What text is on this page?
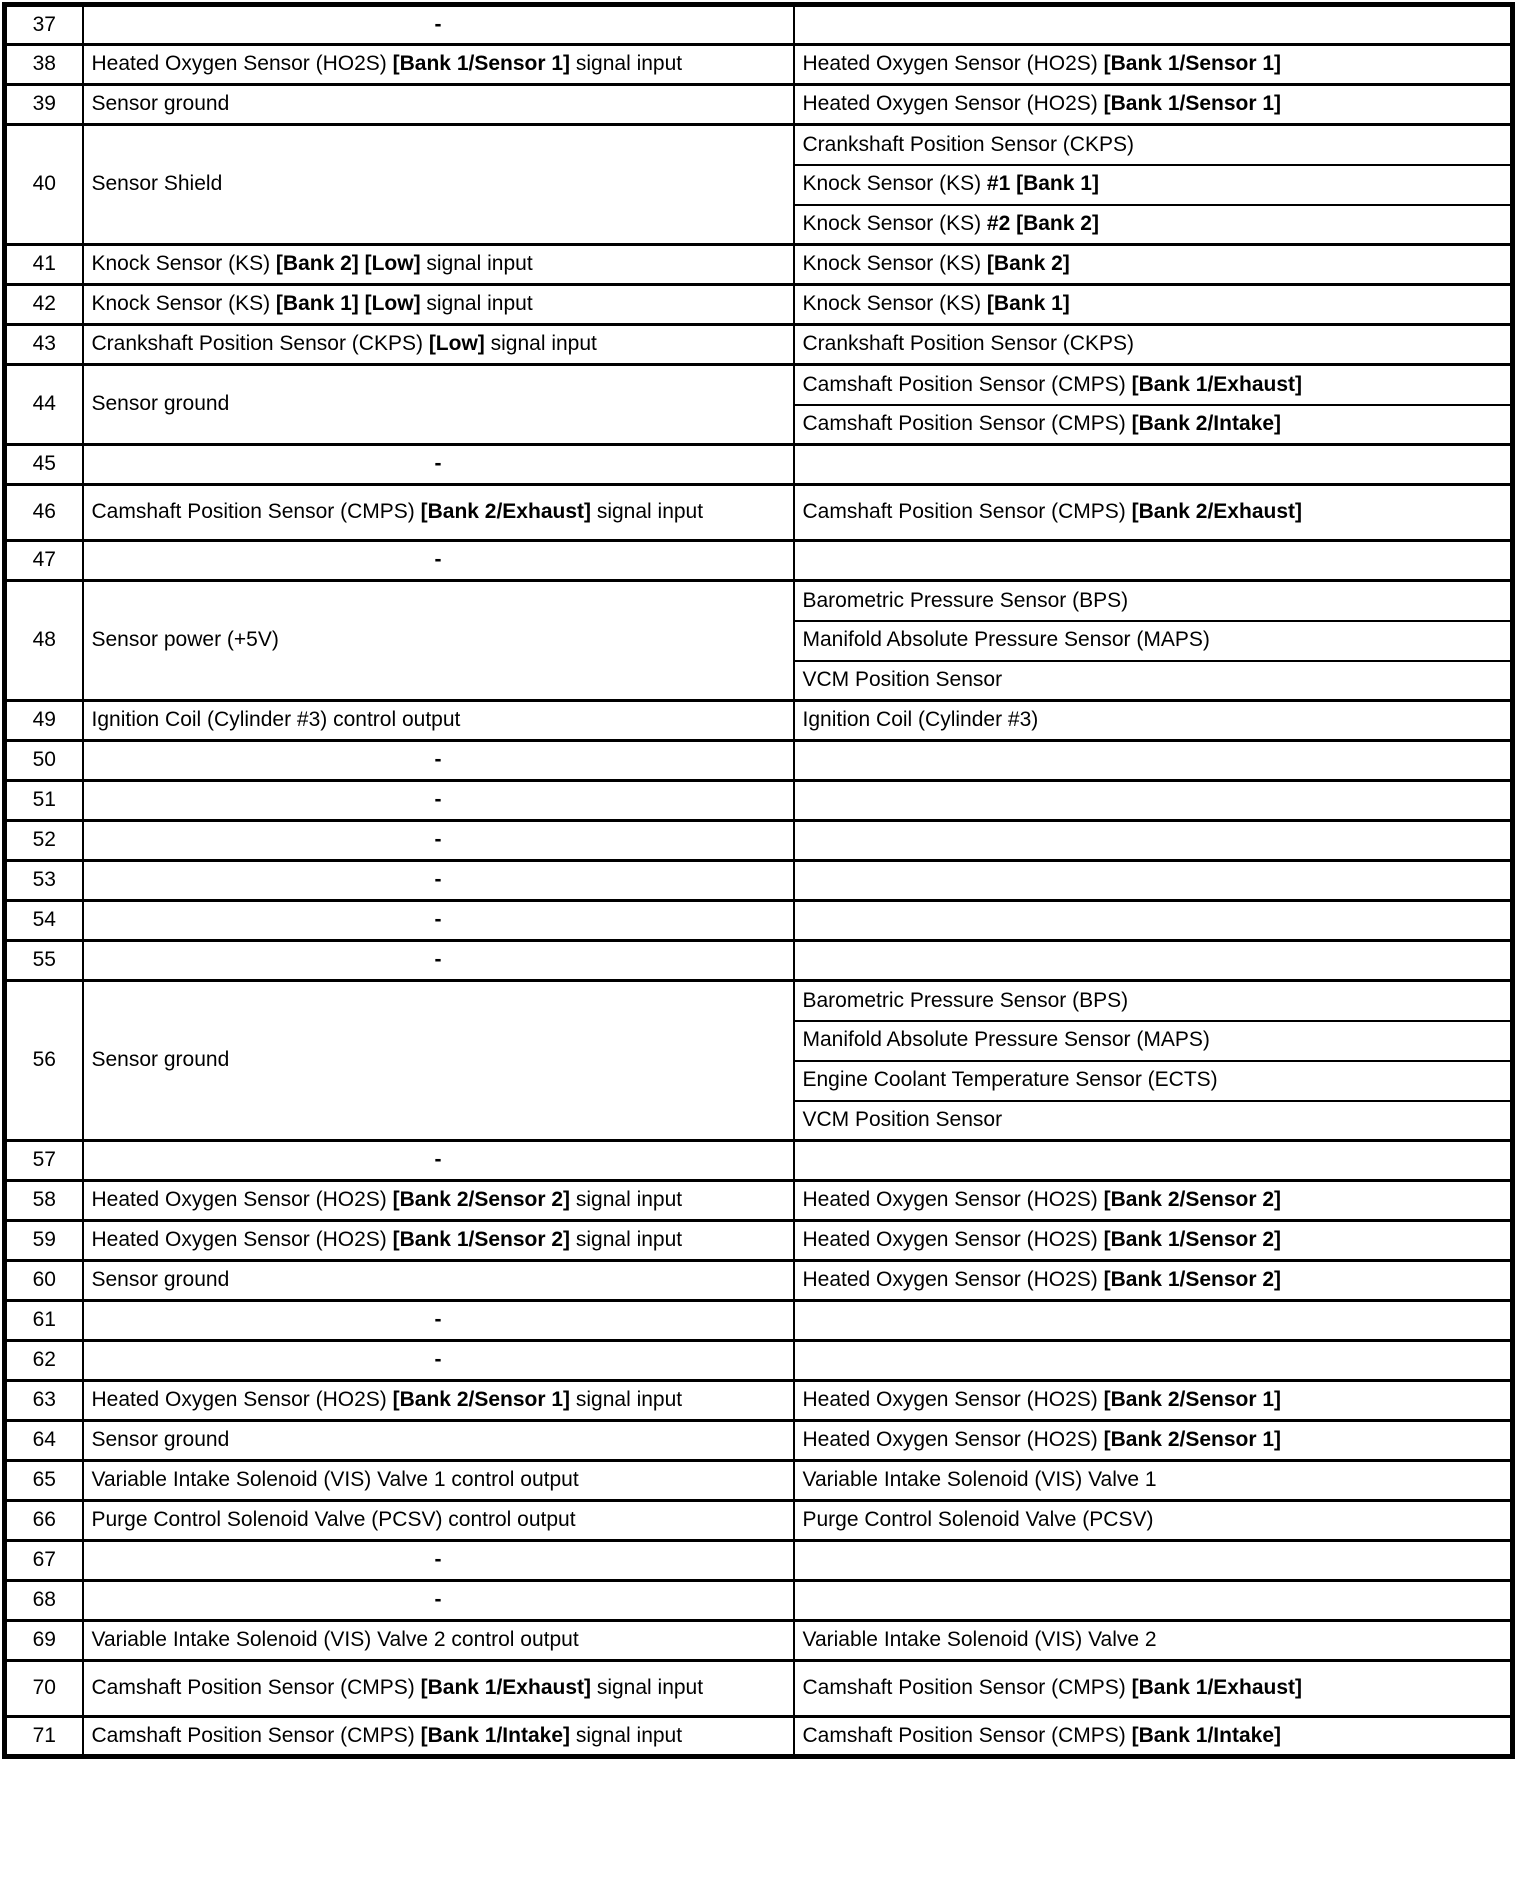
37	-	
38	Heated Oxygen Sensor (HO2S) [Bank 1/Sensor 1] signal input	Heated Oxygen Sensor (HO2S) [Bank 1/Sensor 1]
39	Sensor ground	Heated Oxygen Sensor (HO2S) [Bank 1/Sensor 1]
40	Sensor Shield	Crankshaft Position Sensor (CKPS)
		Knock Sensor (KS) #1 [Bank 1]
		Knock Sensor (KS) #2 [Bank 2]
41	Knock Sensor (KS) [Bank 2] [Low] signal input	Knock Sensor (KS) [Bank 2]
42	Knock Sensor (KS) [Bank 1] [Low] signal input	Knock Sensor (KS) [Bank 1]
43	Crankshaft Position Sensor (CKPS) [Low] signal input	Crankshaft Position Sensor (CKPS)
44	Sensor ground	Camshaft Position Sensor (CMPS) [Bank 1/Exhaust]
		Camshaft Position Sensor (CMPS) [Bank 2/Intake]
45	-	
46	Camshaft Position Sensor (CMPS) [Bank 2/Exhaust] signal input	Camshaft Position Sensor (CMPS) [Bank 2/Exhaust]
47	-	
48	Sensor power (+5V)	Barometric Pressure Sensor (BPS)
		Manifold Absolute Pressure Sensor (MAPS)
		VCM Position Sensor
49	Ignition Coil (Cylinder #3) control output	Ignition Coil (Cylinder #3)
50	-	
51	-	
52	-	
53	-	
54	-	
55	-	
56	Sensor ground	Barometric Pressure Sensor (BPS)
		Manifold Absolute Pressure Sensor (MAPS)
		Engine Coolant Temperature Sensor (ECTS)
		VCM Position Sensor
57	-	
58	Heated Oxygen Sensor (HO2S) [Bank 2/Sensor 2] signal input	Heated Oxygen Sensor (HO2S) [Bank 2/Sensor 2]
59	Heated Oxygen Sensor (HO2S) [Bank 1/Sensor 2] signal input	Heated Oxygen Sensor (HO2S) [Bank 1/Sensor 2]
60	Sensor ground	Heated Oxygen Sensor (HO2S) [Bank 1/Sensor 2]
61	-	
62	-	
63	Heated Oxygen Sensor (HO2S) [Bank 2/Sensor 1] signal input	Heated Oxygen Sensor (HO2S) [Bank 2/Sensor 1]
64	Sensor ground	Heated Oxygen Sensor (HO2S) [Bank 2/Sensor 1]
65	Variable Intake Solenoid (VIS) Valve 1 control output	Variable Intake Solenoid (VIS) Valve 1
66	Purge Control Solenoid Valve (PCSV) control output	Purge Control Solenoid Valve (PCSV)
67	-	
68	-	
69	Variable Intake Solenoid (VIS) Valve 2 control output	Variable Intake Solenoid (VIS) Valve 2
70	Camshaft Position Sensor (CMPS) [Bank 1/Exhaust] signal input	Camshaft Position Sensor (CMPS) [Bank 1/Exhaust]
71	Camshaft Position Sensor (CMPS) [Bank 1/Intake] signal input	Camshaft Position Sensor (CMPS) [Bank 1/Intake]
